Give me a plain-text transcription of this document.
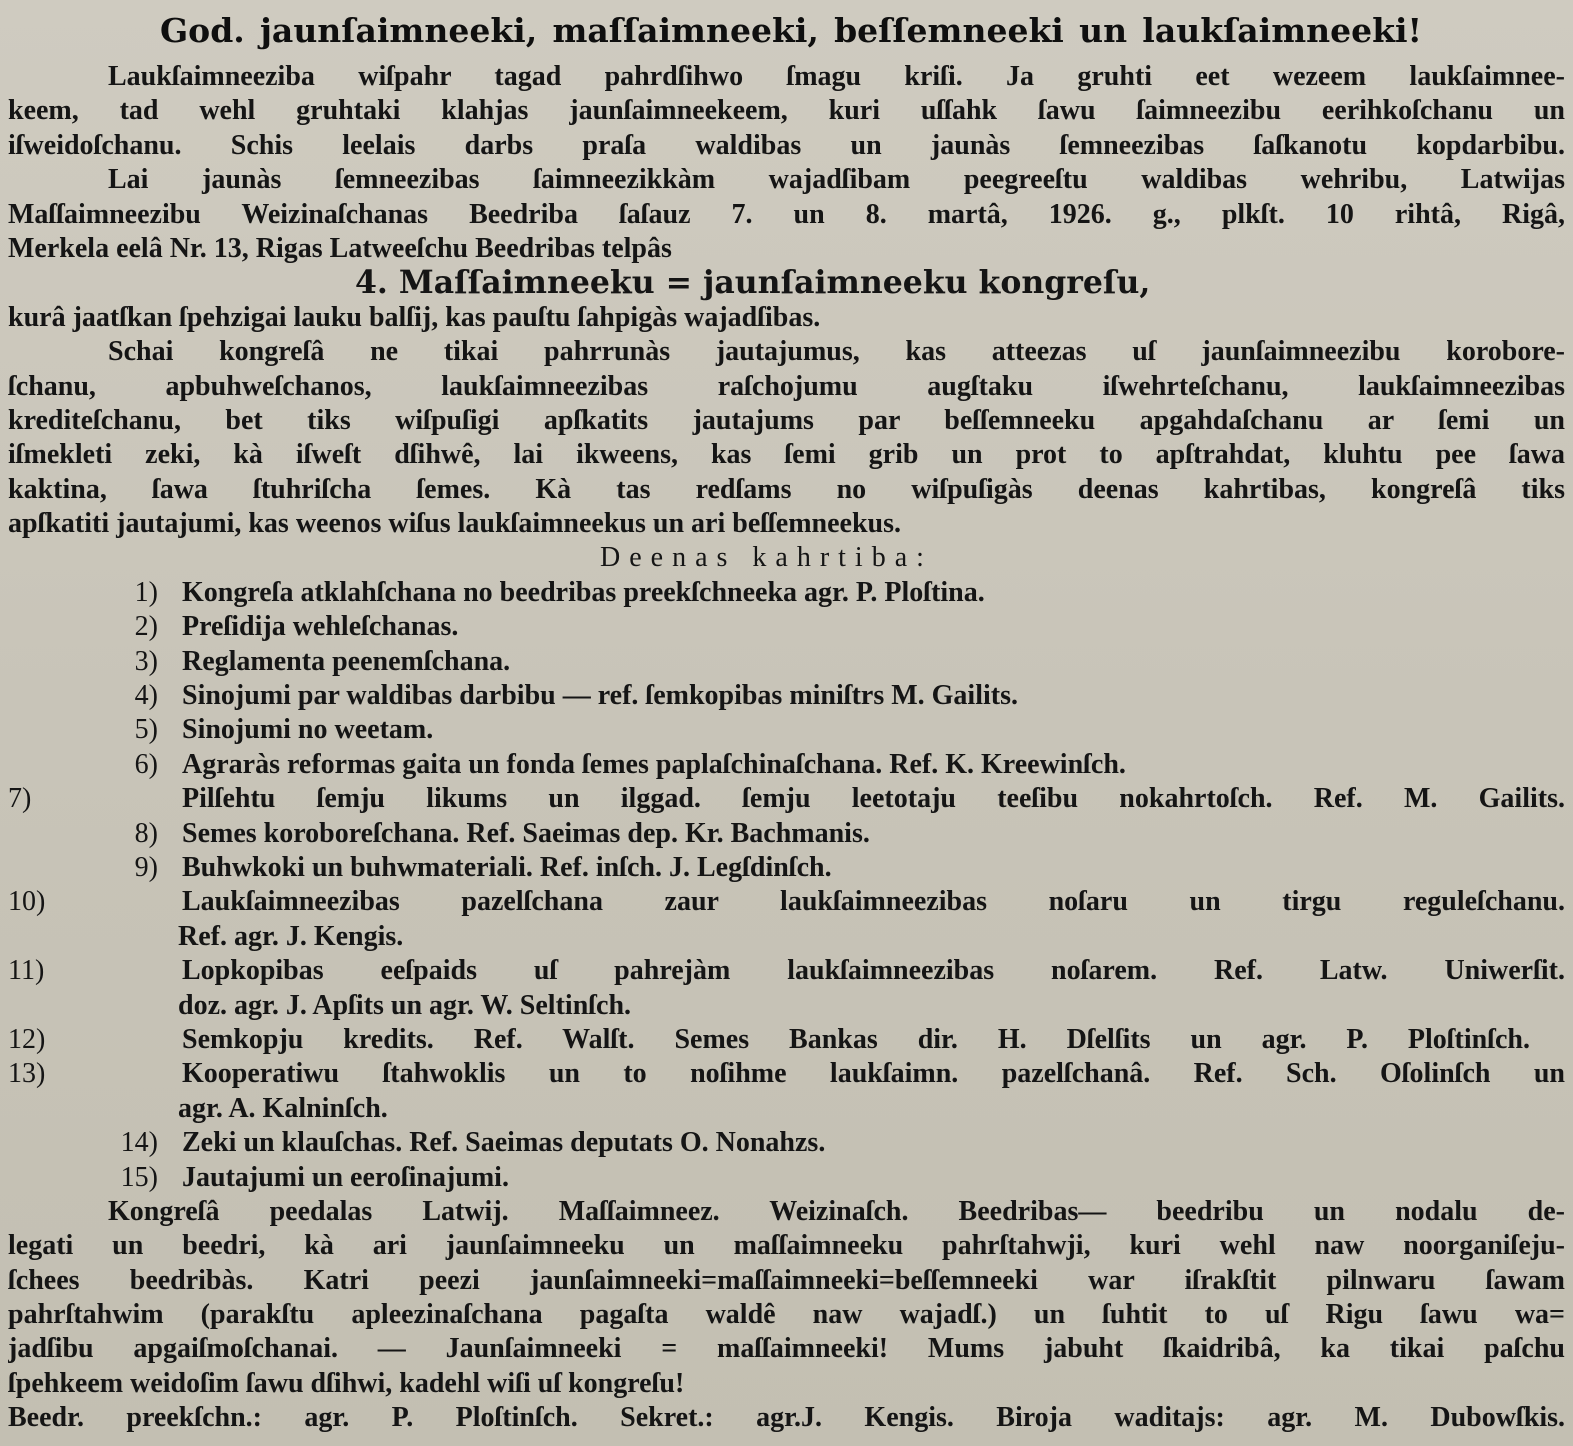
God. jaunſaimneeki, maſſaimneeki, beſſemneeki un laukſaimneeki!
Laukſaimneeziba wiſpahr tagad pahrdſihwo ſmagu kriſi. Ja gruhti eet wezeem laukſaimnee-
keem, tad wehl gruhtaki klahjas jaunſaimneekeem, kuri uſſahk ſawu ſaimneezibu eerihkoſchanu un
iſweidoſchanu. Schis leelais darbs praſa waldibas un jaunàs ſemneezibas ſaſkanotu kopdarbibu.
Lai jaunàs ſemneezibas ſaimneezikkàm wajadſibam peegreeſtu waldibas wehribu, Latwijas
Maſſaimneezibu Weizinaſchanas Beedriba ſaſauz 7. un 8. martâ, 1926. g., plkſt. 10 rihtâ, Rigâ,
Merkela eelâ Nr. 13, Rigas Latweeſchu Beedribas telpâs
4. Maſſaimneeku = jaunſaimneeku kongreſu,
kurâ jaatſkan ſpehzigai lauku balſij, kas pauſtu ſahpigàs wajadſibas.
Schai kongreſâ ne tikai pahrrunàs jautajumus, kas atteezas uſ jaunſaimneezibu korobore-
ſchanu, apbuhweſchanos, laukſaimneezibas raſchojumu augſtaku iſwehrteſchanu, laukſaimneezibas
krediteſchanu, bet tiks wiſpuſigi apſkatits jautajums par beſſemneeku apgahdaſchanu ar ſemi un
iſmekleti zeki, kà iſweſt dſihwê, lai ikweens, kas ſemi grib un prot to apſtrahdat, kluhtu pee ſawa
kaktina, ſawa ſtuhriſcha ſemes. Kà tas redſams no wiſpuſigàs deenas kahrtibas, kongreſâ tiks
apſkatiti jautajumi, kas weenos wiſus laukſaimneekus un ari beſſemneekus.
Deenas kahrtiba:
1) Kongreſa atklahſchana no beedribas preekſchneeka agr. P. Ploſtina.
2) Preſidija wehleſchanas.
3) Reglamenta peenemſchana.
4) Sinojumi par waldibas darbibu — ref. ſemkopibas miniſtrs M. Gailits.
5) Sinojumi no weetam.
6) Agraràs reformas gaita un fonda ſemes paplaſchinaſchana. Ref. K. Kreewinſch.
7)	Pilſehtu ſemju likums un ilggad. ſemju leetotaju teeſibu nokahrtoſch. Ref. M. Gailits.
8) Semes koroboreſchana. Ref. Saeimas dep. Kr. Bachmanis.
9) Buhwkoki un buhwmateriali. Ref. inſch. J. Legſdinſch.
10)	Laukſaimneezibas pazelſchana zaur laukſaimneezibas noſaru un tirgu reguleſchanu.
Ref. agr. J. Kengis.
11)	Lopkopibas eeſpaids uſ pahrejàm laukſaimneezibas noſarem. Ref. Latw. Uniwerſit.
doz. agr. J. Apſits un agr. W. Seltinſch.
12)	Semkopju kredits. Ref. Walſt. Semes Bankas dir. H. Dſelſits un agr. P. Ploſtinſch.
13)	Kooperatiwu ſtahwoklis un to noſihme laukſaimn. pazelſchanâ. Ref. Sch. Oſolinſch un
agr. A. Kalninſch.
14) Zeki un klauſchas. Ref. Saeimas deputats O. Nonahzs.
15) Jautajumi un eeroſinajumi.
Kongreſâ peedalas Latwij. Maſſaimneez. Weizinaſch. Beedribas— beedribu un nodalu de-
legati un beedri, kà ari jaunſaimneeku un maſſaimneeku pahrſtahwji, kuri wehl naw noorganiſeju-
ſchees beedribàs. Katri peezi jaunſaimneeki=maſſaimneeki=beſſemneeki war iſrakſtit pilnwaru ſawam
pahrſtahwim (parakſtu apleezinaſchana pagaſta waldê naw wajadſ.) un ſuhtit to uſ Rigu ſawu wa=
jadſibu apgaiſmoſchanai. — Jaunſaimneeki = maſſaimneeki! Mums jabuht ſkaidribâ, ka tikai paſchu
ſpehkeem weidoſim ſawu dſihwi, kadehl wiſi uſ kongreſu!
Beedr. preekſchn.: agr. P. Ploſtinſch. Sekret.: agr.J. Kengis. Biroja waditajs: agr. M. Dubowſkis.
